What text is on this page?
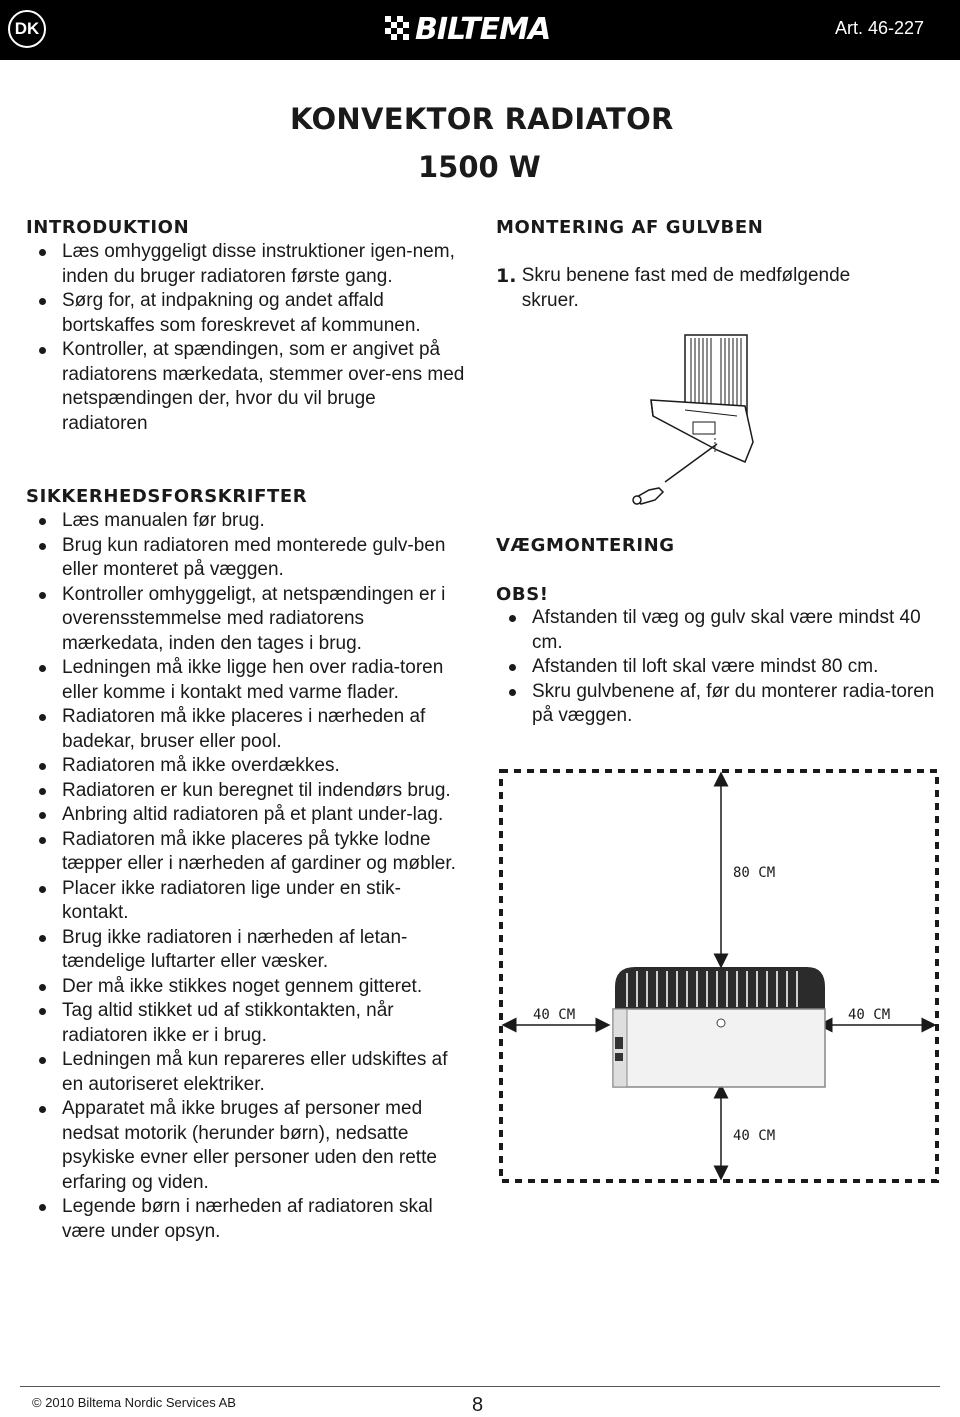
DK	BILTEMA	Art. 46-227
KONVEKTOR RADIATOR
1500 W
INTRODUKTION
Læs omhyggeligt disse instruktioner igen-nem, inden du bruger radiatoren første gang.
Sørg for, at indpakning og andet affald bortskaffes som foreskrevet af kommunen.
Kontroller, at spændingen, som er angivet på radiatorens mærkedata, stemmer over-ens med netspændingen der, hvor du vil bruge radiatoren
SIKKERHEDSFORSKRIFTER
Læs manualen før brug.
Brug kun radiatoren med monterede gulv-ben eller monteret på væggen.
Kontroller omhyggeligt, at netspændingen er i overensstemmelse med radiatorens mærkedata, inden den tages i brug.
Ledningen må ikke ligge hen over radia-toren eller komme i kontakt med varme flader.
Radiatoren må ikke placeres i nærheden af badekar, bruser eller pool.
Radiatoren må ikke overdækkes.
Radiatoren er kun beregnet til indendørs brug.
Anbring altid radiatoren på et plant under-lag.
Radiatoren må ikke placeres på tykke lodne tæpper eller i nærheden af gardiner og møbler.
Placer ikke radiatoren lige under en stik-kontakt.
Brug ikke radiatoren i nærheden af letan-tændelige luftarter eller væsker.
Der må ikke stikkes noget gennem gitteret.
Tag altid stikket ud af stikkontakten, når radiatoren ikke er i brug.
Ledningen må kun repareres eller udskiftes af en autoriseret elektriker.
Apparatet må ikke bruges af personer med nedsat motorik (herunder børn), nedsatte psykiske evner eller personer uden den rette erfaring og viden.
Legende børn i nærheden af radiatoren skal være under opsyn.
MONTERING AF GULVBEN
1. Skru benene fast med de medfølgende skruer.
VÆGMONTERING
OBS!
Afstanden til væg og gulv skal være mindst 40 cm.
Afstanden til loft skal være mindst 80 cm.
Skru gulvbenene af, før du monterer radia-toren på væggen.
80 CM
40 CM	40 CM
40 CM
© 2010 Biltema Nordic Services AB	8
